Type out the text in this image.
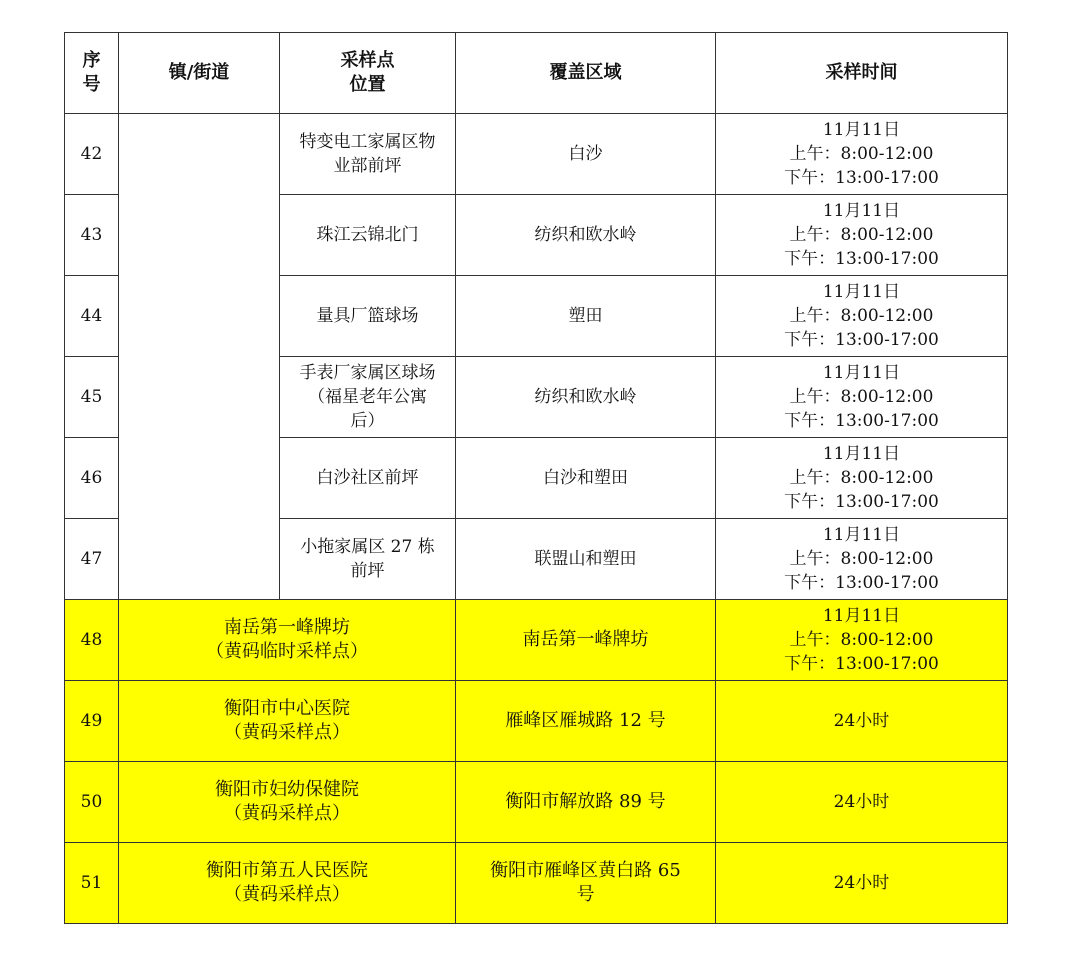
序
号	镇/街道	采样点
位置	覆盖区域	采样时间
42		特变电工家属区物
业部前坪	白沙	11月11日
上午：8:00-12:00
下午：13:00-17:00

43		珠江云锦北门	纺织和欧水岭	11月11日
上午：8:00-12:00
下午：13:00-17:00

44		量具厂篮球场	塑田	11月11日
上午：8:00-12:00
下午：13:00-17:00

45		手表厂家属区球场
（福星老年公寓
后）	纺织和欧水岭	11月11日
上午：8:00-12:00
下午：13:00-17:00

46		白沙社区前坪	白沙和塑田	11月11日
上午：8:00-12:00
下午：13:00-17:00

47		小拖家属区 27 栋
前坪	联盟山和塑田	11月11日
上午：8:00-12:00
下午：13:00-17:00

48	南岳第一峰牌坊
（黄码临时采样点）		南岳第一峰牌坊	11月11日
上午：8:00-12:00
下午：13:00-17:00

49	衡阳市中心医院
（黄码采样点）		雁峰区雁城路 12 号	24小时

50	衡阳市妇幼保健院
（黄码采样点）		衡阳市解放路 89 号	24小时

51	衡阳市第五人民医院
（黄码采样点）		衡阳市雁峰区黄白路 65
号	24小时
